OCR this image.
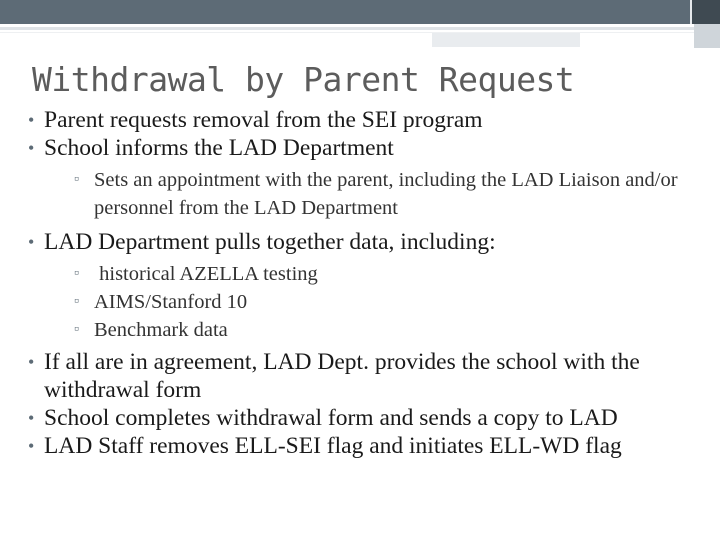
Withdrawal by Parent Request
• Parent requests removal from the SEI program
• School informs the LAD Department
▫ Sets an appointment with the parent, including the LAD Liaison and/or personnel from the LAD Department
• LAD Department pulls together data, including:
▫ historical AZELLA testing
▫ AIMS/Stanford 10
▫ Benchmark data
• If all are in agreement, LAD Dept. provides the school with the withdrawal form
• School completes withdrawal form and sends a copy to LAD
• LAD Staff removes ELL-SEI flag and initiates ELL-WD flag
